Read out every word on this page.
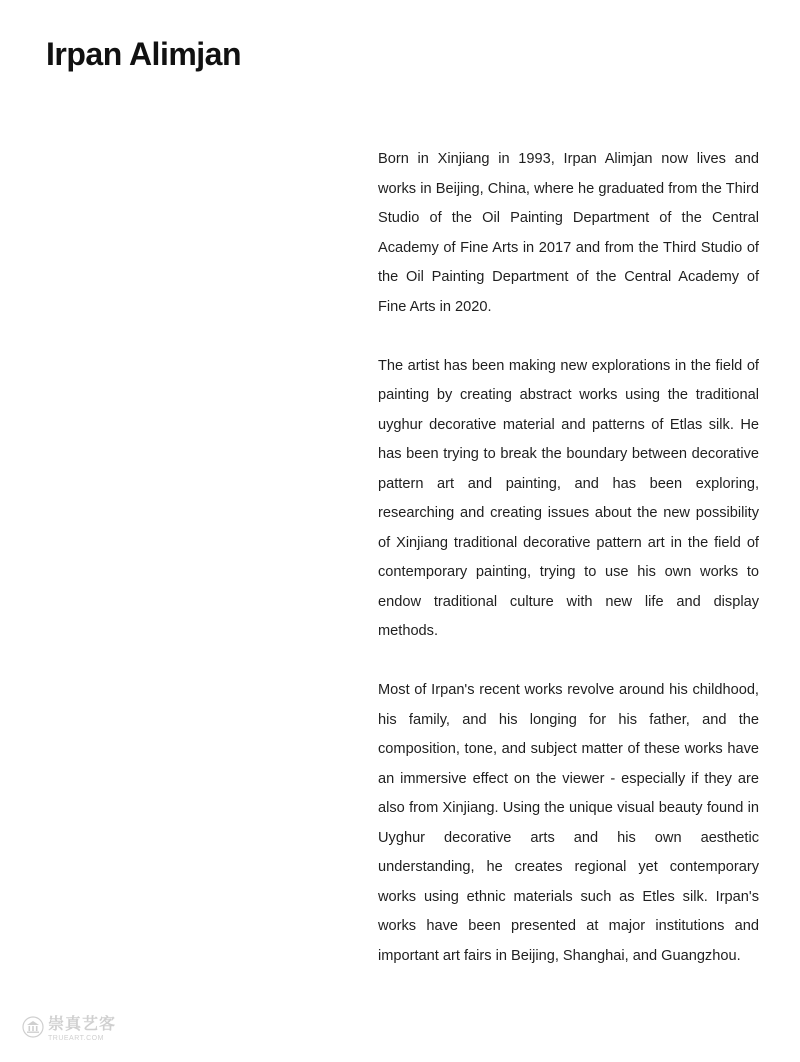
Irpan Alimjan

Born in Xinjiang in 1993, Irpan Alimjan now lives and works in Beijing, China, where he graduated from the Third Studio of the Oil Painting Department of the Central Academy of Fine Arts in 2017 and from the Third Studio of the Oil Painting Department of the Central Academy of Fine Arts in 2020.

The artist has been making new explorations in the field of painting by creating abstract works using the traditional uyghur decorative material and patterns of Etlas silk. He has been trying to break the boundary between decorative pattern art and painting, and has been exploring, researching and creating issues about the new possibility of Xinjiang traditional decorative pattern art in the field of contemporary painting, trying to use his own works to endow traditional culture with new life and display methods.

Most of Irpan's recent works revolve around his childhood, his family, and his longing for his father, and the composition, tone, and subject matter of these works have an immersive effect on the viewer - especially if they are also from Xinjiang. Using the unique visual beauty found in Uyghur decorative arts and his own aesthetic understanding, he creates regional yet contemporary works using ethnic materials such as Etles silk. Irpan's works have been presented at major institutions and important art fairs in Beijing, Shanghai, and Guangzhou.

崇真艺客
TRUEART.COM
